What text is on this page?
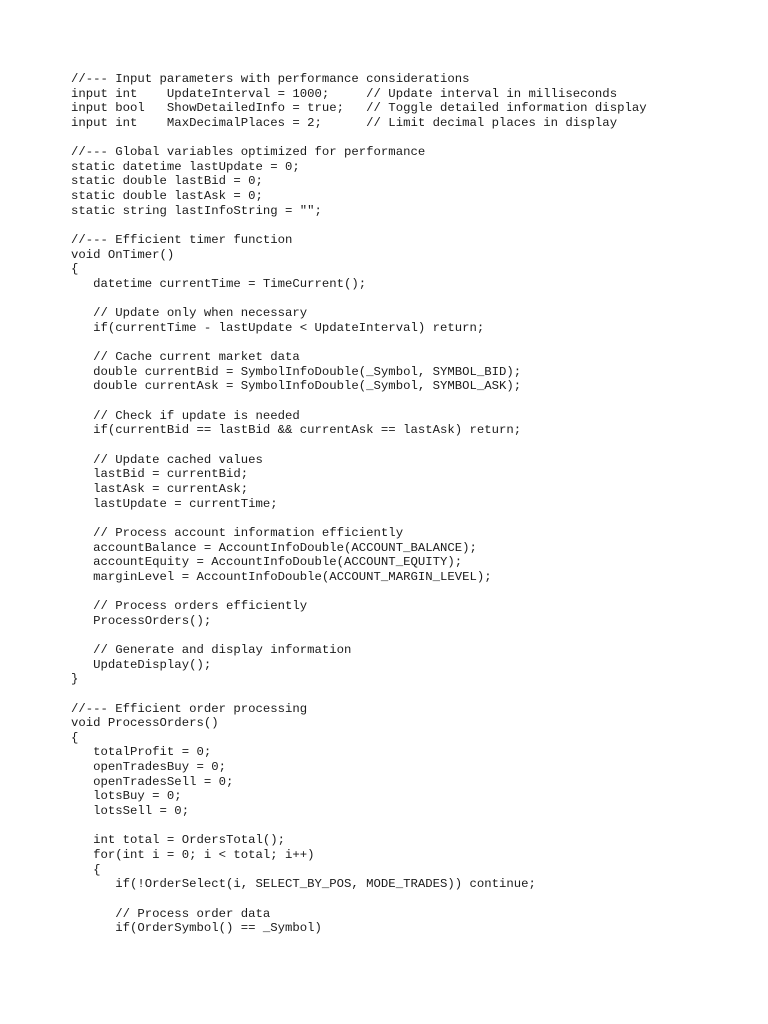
//--- Input parameters with performance considerations
input int    UpdateInterval = 1000;     // Update interval in milliseconds
input bool   ShowDetailedInfo = true;   // Toggle detailed information display
input int    MaxDecimalPlaces = 2;      // Limit decimal places in display
//--- Global variables optimized for performance
static datetime lastUpdate = 0;
static double lastBid = 0;
static double lastAsk = 0;
static string lastInfoString = "";
//--- Efficient timer function
void OnTimer()
{
datetime currentTime = TimeCurrent();
// Update only when necessary
if(currentTime - lastUpdate < UpdateInterval) return;
// Cache current market data
double currentBid = SymbolInfoDouble(_Symbol, SYMBOL_BID);
double currentAsk = SymbolInfoDouble(_Symbol, SYMBOL_ASK);
// Check if update is needed
if(currentBid == lastBid && currentAsk == lastAsk) return;
// Update cached values
lastBid = currentBid;
lastAsk = currentAsk;
lastUpdate = currentTime;
// Process account information efficiently
accountBalance = AccountInfoDouble(ACCOUNT_BALANCE);
accountEquity = AccountInfoDouble(ACCOUNT_EQUITY);
marginLevel = AccountInfoDouble(ACCOUNT_MARGIN_LEVEL);
// Process orders efficiently
ProcessOrders();
// Generate and display information
UpdateDisplay();
}
//--- Efficient order processing
void ProcessOrders()
{
totalProfit = 0;
openTradesBuy = 0;
openTradesSell = 0;
lotsBuy = 0;
lotsSell = 0;
int total = OrdersTotal();
for(int i = 0; i < total; i++)
{
if(!OrderSelect(i, SELECT_BY_POS, MODE_TRADES)) continue;
// Process order data
if(OrderSymbol() == _Symbol)
